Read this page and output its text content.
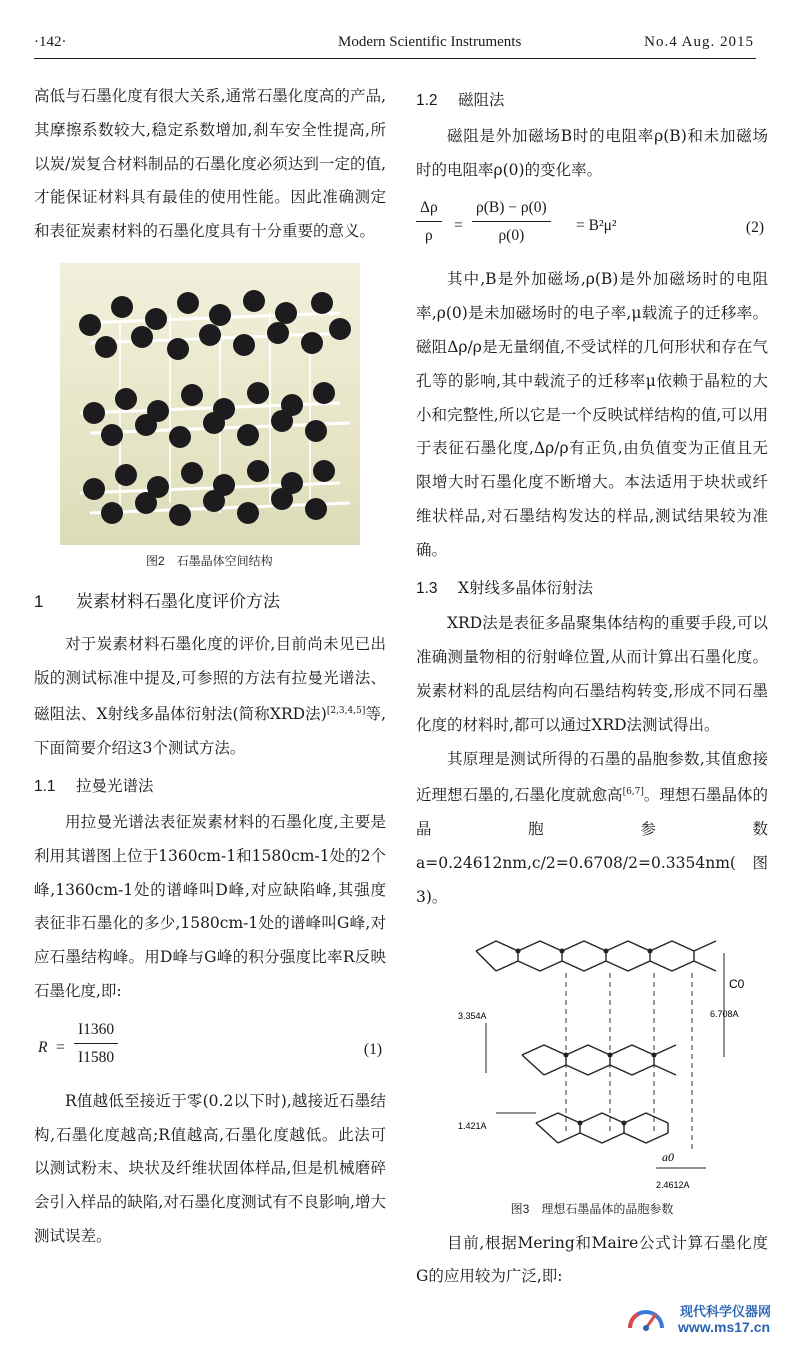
·142·	Modern Scientific Instruments	No.4 Aug. 2015

高低与石墨化度有很大关系,通常石墨化度高的产品,其摩擦系数较大,稳定系数增加,刹车安全性提高,所以炭/炭复合材料制品的石墨化度必须达到一定的值,才能保证材料具有最佳的使用性能。因此准确测定和表征炭素材料的石墨化度具有十分重要的意义。

图2　石墨晶体空间结构
1 炭素材料石墨化度评价方法

对于炭素材料石墨化度的评价,目前尚未见已出版的测试标准中提及,可参照的方法有拉曼光谱法、磁阻法、X射线多晶体衍射法(简称XRD法)[2,3,4,5]等,下面简要介绍这3个测试方法。

1.1 拉曼光谱法

用拉曼光谱法表征炭素材料的石墨化度,主要是利用其谱图上位于1360cm-1和1580cm-1处的2个峰,1360cm-1处的谱峰叫D峰,对应缺陷峰,其强度表征非石墨化的多少,1580cm-1处的谱峰叫G峰,对应石墨结构峰。用D峰与G峰的积分强度比率R反映石墨化度,即:

$R = \frac{I1360}{I1580}$	(1)

R值越低至接近于零(0.2以下时),越接近石墨结构,石墨化度越高;R值越高,石墨化度越低。此法可以测试粉末、块状及纤维状固体样品,但是机械磨碎会引入样品的缺陷,对石墨化度测试有不良影响,增大测试误差。

1.2 磁阻法

磁阻是外加磁场B时的电阻率ρ(B)和未加磁场时的电阻率ρ(0)的变化率。

$\frac{\Delta\rho}{\rho} = \frac{\rho(B) - \rho(0)}{\rho(0)} = B^2\mu^2$	(2)

其中,B是外加磁场,ρ(B)是外加磁场时的电阻率,ρ(0)是未加磁场时的电子率,μ载流子的迁移率。磁阻Δρ/ρ是无量纲值,不受试样的几何形状和存在气孔等的影响,其中载流子的迁移率μ依赖于晶粒的大小和完整性,所以它是一个反映试样结构的值,可以用于表征石墨化度,Δρ/ρ有正负,由负值变为正值且无限增大时石墨化度不断增大。本法适用于块状或纤维状样品,对石墨结构发达的样品,测试结果较为准确。

1.3 X射线多晶体衍射法

XRD法是表征多晶聚集体结构的重要手段,可以准确测量物相的衍射峰位置,从而计算出石墨化度。炭素材料的乱层结构向石墨结构转变,形成不同石墨化度的材料时,都可以通过XRD法测试得出。

其原理是测试所得的石墨的晶胞参数,其值愈接近理想石墨的,石墨化度就愈高[6,7]。理想石墨晶体的晶胞参数a=0.24612nm,c/2=0.6708/2=0.3354nm(图3)。

C0
6.708A
3.354A
1.421A
a0
2.4612A
图3　理想石墨晶体的晶胞参数

目前,根据Mering和Maire公式计算石墨化度G的应用较为广泛,即:

现代科学仪器网
www.ms17.cn
